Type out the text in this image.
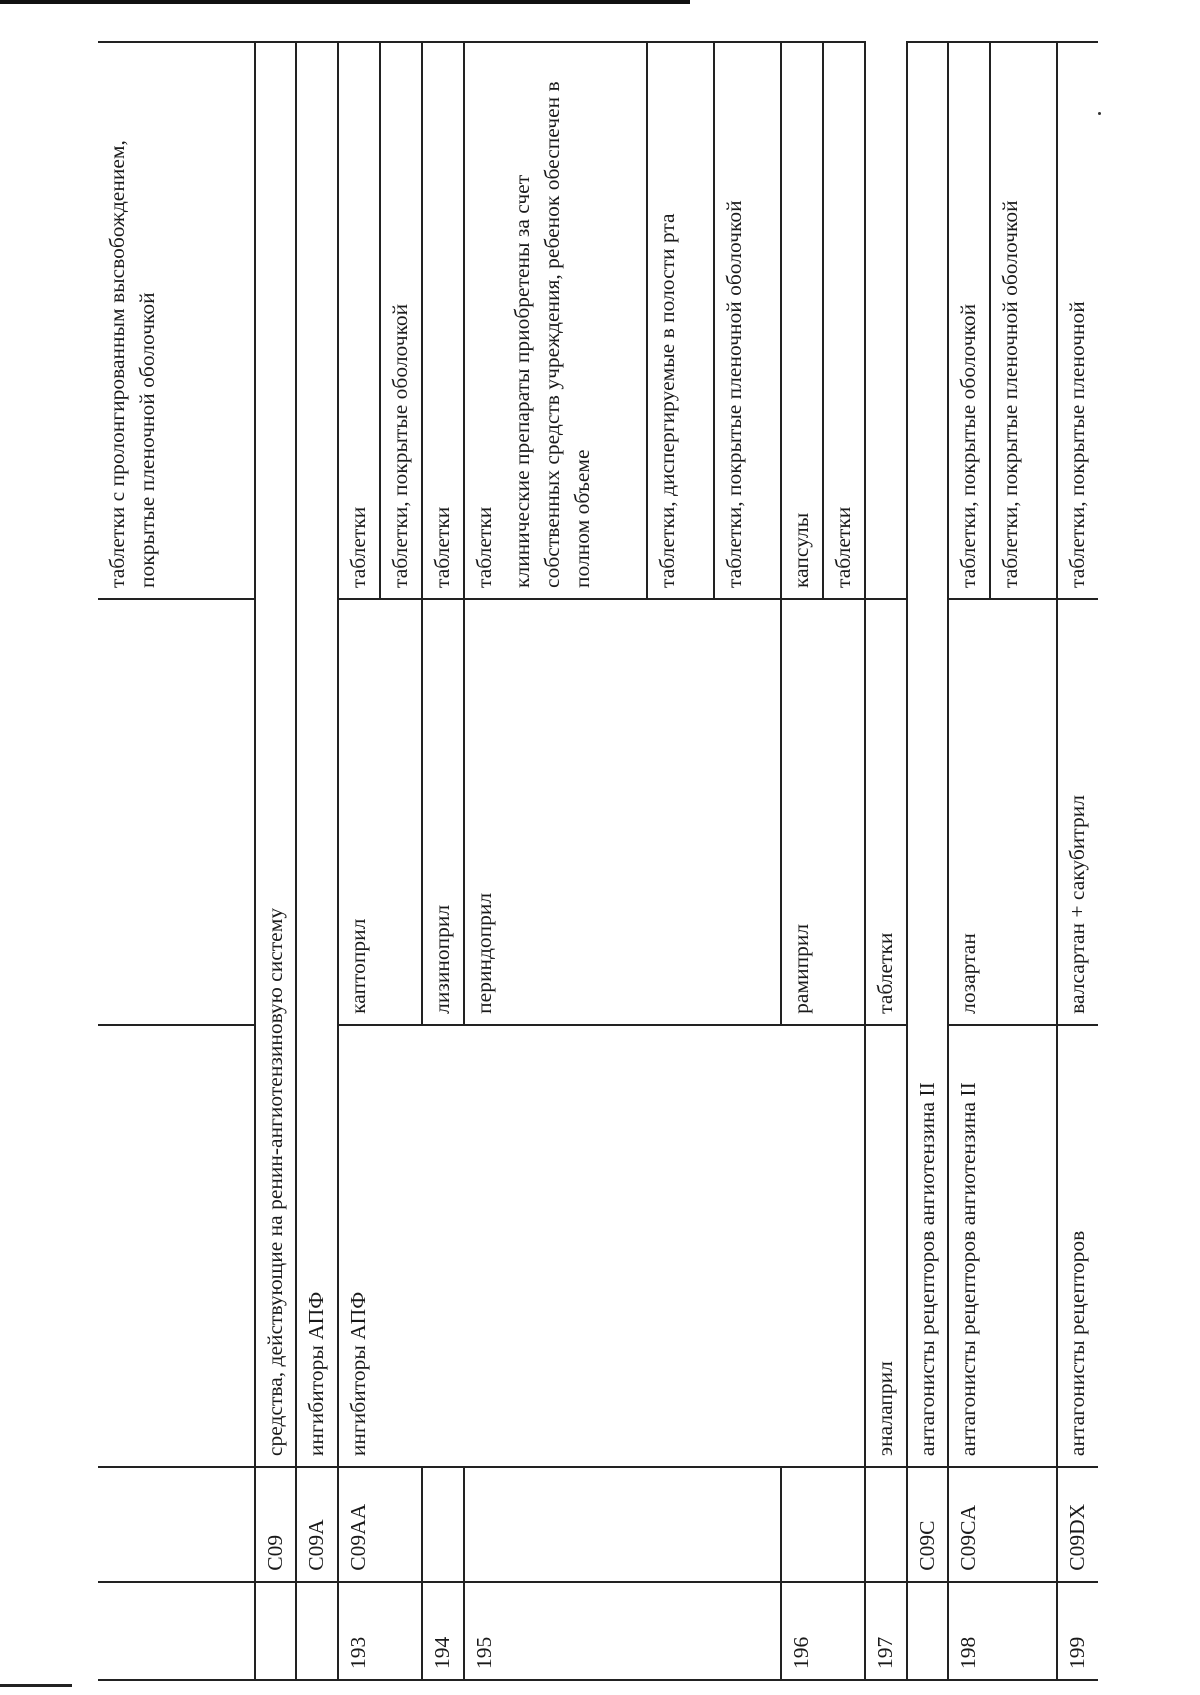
				таблетки с пролонгированным высвобождением, покрытые пленочной оболочкой
	C09	средства, действующие на ренин-ангиотензиновую систему		
	C09A	ингибиторы АПФ		
193	C09AA	ингибиторы АПФ	каптоприл	таблетки
				таблетки, покрытые оболочкой
194			лизиноприл	таблетки
195			периндоприл	таблетки клинические препараты приобретены за счет собственных средств учреждения, ребенок обеспечен в полном объеме

				таблетки, диспергируемые в полости рта
				таблетки, покрытые пленочной оболочкой
196			рамиприл	капсулы
				таблетки
197		эналаприл	таблетки	
	C09C	антагонисты рецепторов ангиотензина II		
198	C09CA	антагонисты рецепторов ангиотензина II	лозартан	таблетки, покрытые оболочкой
				таблетки, покрытые пленочной оболочкой
199	C09DX	антагонисты рецепторов	валсартан + сакубитрил	таблетки, покрытые пленочной
